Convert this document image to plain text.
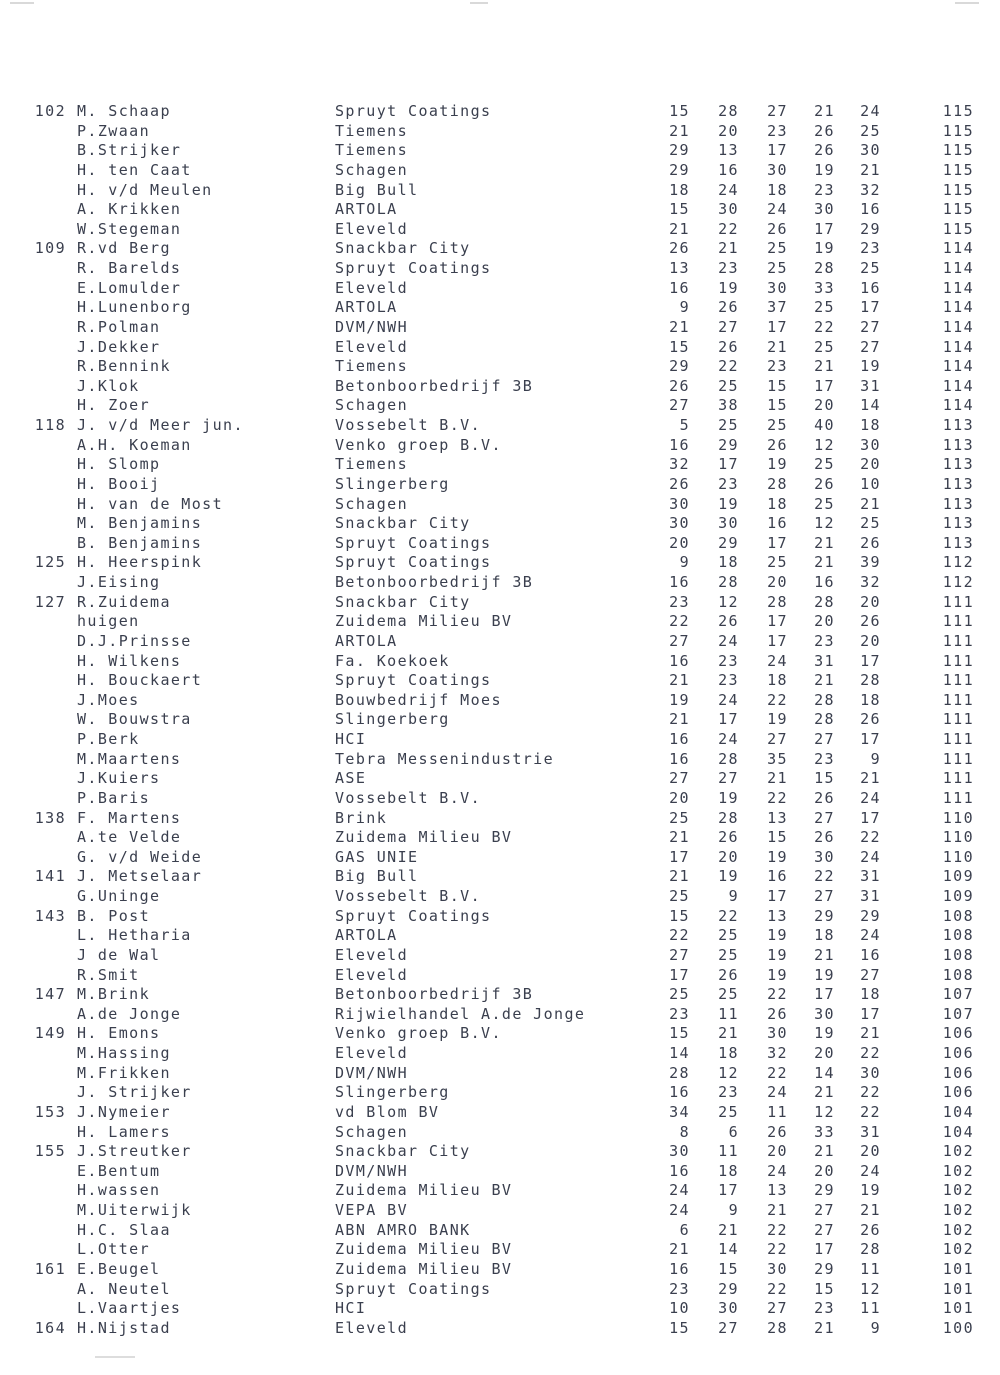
102 M. Schaap	Spruyt Coatings	15	28	27	21	24	115
P.Zwaan	Tiemens	21	20	23	26	25	115
B.Strijker	Tiemens	29	13	17	26	30	115
H. ten Caat	Schagen	29	16	30	19	21	115
H. v/d Meulen	Big Bull	18	24	18	23	32	115
A. Krikken	ARTOLA	15	30	24	30	16	115
W.Stegeman	Eleveld	21	22	26	17	29	115
109 R.vd Berg	Snackbar City	26	21	25	19	23	114
R. Barelds	Spruyt Coatings	13	23	25	28	25	114
E.Lomulder	Eleveld	16	19	30	33	16	114
H.Lunenborg	ARTOLA	9	26	37	25	17	114
R.Polman	DVM/NWH	21	27	17	22	27	114
J.Dekker	Eleveld	15	26	21	25	27	114
R.Bennink	Tiemens	29	22	23	21	19	114
J.Klok	Betonboorbedrijf 3B	26	25	15	17	31	114
H. Zoer	Schagen	27	38	15	20	14	114
118 J. v/d Meer jun.	Vossebelt B.V.	5	25	25	40	18	113
A.H. Koeman	Venko groep B.V.	16	29	26	12	30	113
H. Slomp	Tiemens	32	17	19	25	20	113
H. Booij	Slingerberg	26	23	28	26	10	113
H. van de Most	Schagen	30	19	18	25	21	113
M. Benjamins	Snackbar City	30	30	16	12	25	113
B. Benjamins	Spruyt Coatings	20	29	17	21	26	113
125 H. Heerspink	Spruyt Coatings	9	18	25	21	39	112
J.Eising	Betonboorbedrijf 3B	16	28	20	16	32	112
127 R.Zuidema	Snackbar City	23	12	28	28	20	111
huigen	Zuidema Milieu BV	22	26	17	20	26	111
D.J.Prinsse	ARTOLA	27	24	17	23	20	111
H. Wilkens	Fa. Koekoek	16	23	24	31	17	111
H. Bouckaert	Spruyt Coatings	21	23	18	21	28	111
J.Moes	Bouwbedrijf Moes	19	24	22	28	18	111
W. Bouwstra	Slingerberg	21	17	19	28	26	111
P.Berk	HCI	16	24	27	27	17	111
M.Maartens	Tebra Messenindustrie	16	28	35	23	9	111
J.Kuiers	ASE	27	27	21	15	21	111
P.Baris	Vossebelt B.V.	20	19	22	26	24	111
138 F. Martens	Brink	25	28	13	27	17	110
A.te Velde	Zuidema Milieu BV	21	26	15	26	22	110
G. v/d Weide	GAS UNIE	17	20	19	30	24	110
141 J. Metselaar	Big Bull	21	19	16	22	31	109
G.Uninge	Vossebelt B.V.	25	9	17	27	31	109
143 B. Post	Spruyt Coatings	15	22	13	29	29	108
L. Hetharia	ARTOLA	22	25	19	18	24	108
J de Wal	Eleveld	27	25	19	21	16	108
R.Smit	Eleveld	17	26	19	19	27	108
147 M.Brink	Betonboorbedrijf 3B	25	25	22	17	18	107
A.de Jonge	Rijwielhandel A.de Jonge	23	11	26	30	17	107
149 H. Emons	Venko groep B.V.	15	21	30	19	21	106
M.Hassing	Eleveld	14	18	32	20	22	106
M.Frikken	DVM/NWH	28	12	22	14	30	106
J. Strijker	Slingerberg	16	23	24	21	22	106
153 J.Nymeier	vd Blom BV	34	25	11	12	22	104
H. Lamers	Schagen	8	6	26	33	31	104
155 J.Streutker	Snackbar City	30	11	20	21	20	102
E.Bentum	DVM/NWH	16	18	24	20	24	102
H.wassen	Zuidema Milieu BV	24	17	13	29	19	102
M.Uiterwijk	VEPA BV	24	9	21	27	21	102
H.C. Slaa	ABN AMRO BANK	6	21	22	27	26	102
L.Otter	Zuidema Milieu BV	21	14	22	17	28	102
161 E.Beugel	Zuidema Milieu BV	16	15	30	29	11	101
A. Neutel	Spruyt Coatings	23	29	22	15	12	101
L.Vaartjes	HCI	10	30	27	23	11	101
164 H.Nijstad	Eleveld	15	27	28	21	9	100
